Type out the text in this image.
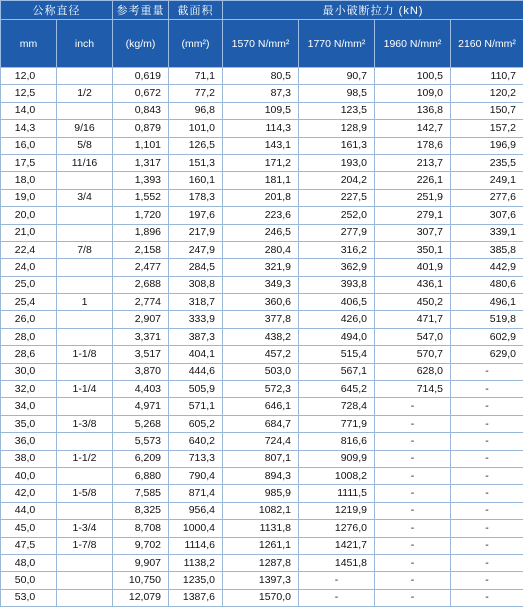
公称直径		参考重量	截面积	最小破断拉力 (kN)			
mm	inch	(kg/m)	(mm²)	1570 N/mm²	1770 N/mm²	1960 N/mm²	2160 N/mm²
12,0		0,619	71,1	80,5	90,7	100,5	110,7
12,5	1/2	0,672	77,2	87,3	98,5	109,0	120,2
14,0		0,843	96,8	109,5	123,5	136,8	150,7
14,3	9/16	0,879	101,0	114,3	128,9	142,7	157,2
16,0	5/8	1,101	126,5	143,1	161,3	178,6	196,9
17,5	11/16	1,317	151,3	171,2	193,0	213,7	235,5
18,0		1,393	160,1	181,1	204,2	226,1	249,1
19,0	3/4	1,552	178,3	201,8	227,5	251,9	277,6
20,0		1,720	197,6	223,6	252,0	279,1	307,6
21,0		1,896	217,9	246,5	277,9	307,7	339,1
22,4	7/8	2,158	247,9	280,4	316,2	350,1	385,8
24,0		2,477	284,5	321,9	362,9	401,9	442,9
25,0		2,688	308,8	349,3	393,8	436,1	480,6
25,4	1	2,774	318,7	360,6	406,5	450,2	496,1
26,0		2,907	333,9	377,8	426,0	471,7	519,8
28,0		3,371	387,3	438,2	494,0	547,0	602,9
28,6	1-1/8	3,517	404,1	457,2	515,4	570,7	629,0
30,0		3,870	444,6	503,0	567,1	628,0	-
32,0	1-1/4	4,403	505,9	572,3	645,2	714,5	-
34,0		4,971	571,1	646,1	728,4	-	-
35,0	1-3/8	5,268	605,2	684,7	771,9	-	-
36,0		5,573	640,2	724,4	816,6	-	-
38,0	1-1/2	6,209	713,3	807,1	909,9	-	-
40,0		6,880	790,4	894,3	1008,2	-	-
42,0	1-5/8	7,585	871,4	985,9	1111,5	-	-
44,0		8,325	956,4	1082,1	1219,9	-	-
45,0	1-3/4	8,708	1000,4	1131,8	1276,0	-	-
47,5	1-7/8	9,702	1114,6	1261,1	1421,7	-	-
48,0		9,907	1138,2	1287,8	1451,8	-	-
50,0		10,750	1235,0	1397,3	-	-	-
53,0		12,079	1387,6	1570,0	-	-	-
